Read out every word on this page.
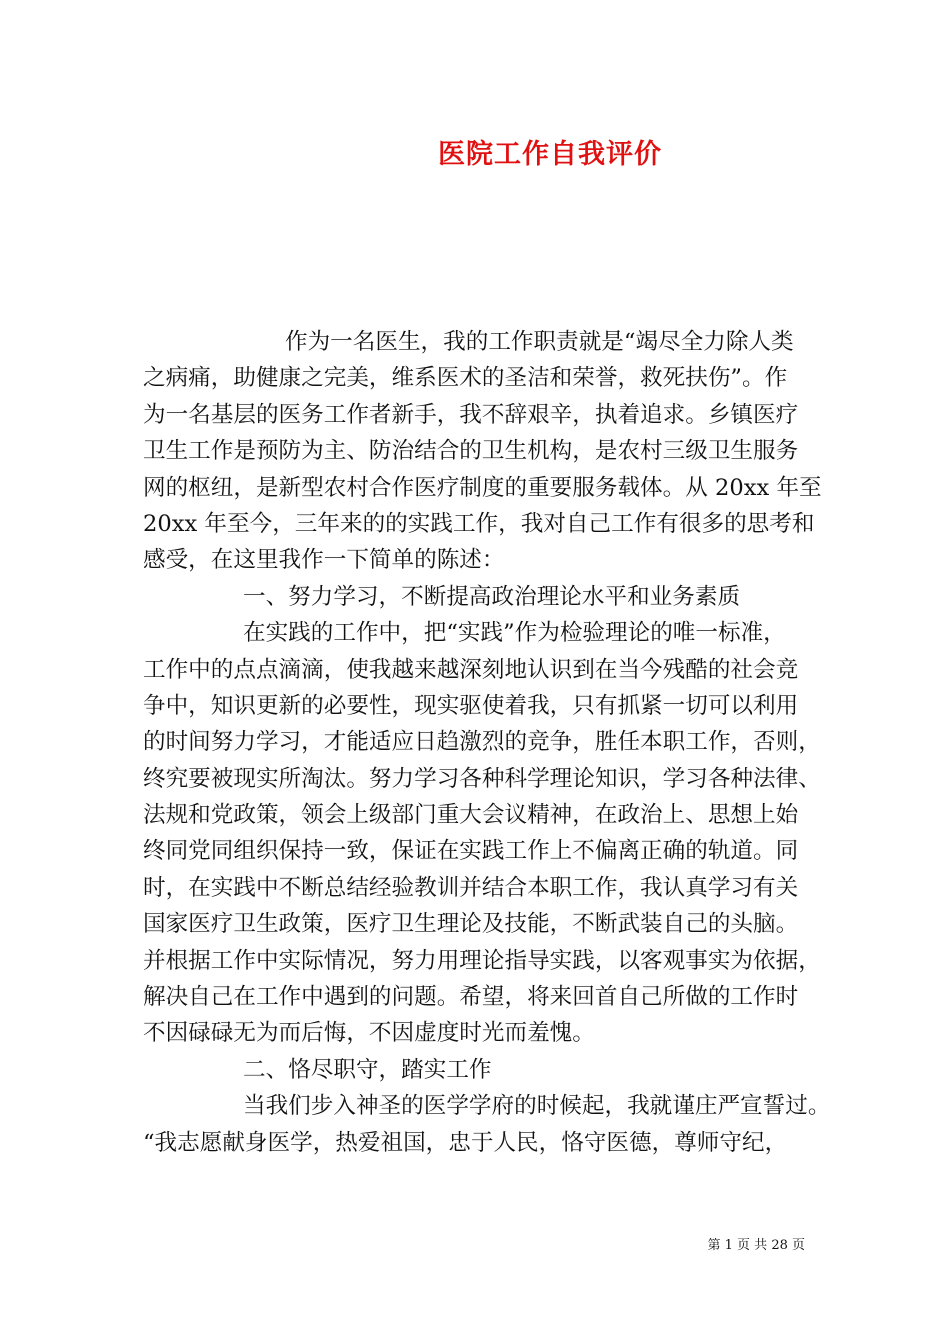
医院工作自我评价
作为一名医生，我的工作职责就是“竭尽全力除人类
之病痛，助健康之完美，维系医术的圣洁和荣誉，救死扶伤”。作
为一名基层的医务工作者新手，我不辞艰辛，执着追求。乡镇医疗
卫生工作是预防为主、防治结合的卫生机构，是农村三级卫生服务
网的枢纽，是新型农村合作医疗制度的重要服务载体。从 20xx 年至
20xx 年至今，三年来的的实践工作，我对自己工作有很多的思考和
感受，在这里我作一下简单的陈述：
一、努力学习，不断提高政治理论水平和业务素质
在实践的工作中，把“实践”作为检验理论的唯一标准，
工作中的点点滴滴，使我越来越深刻地认识到在当今残酷的社会竞
争中，知识更新的必要性，现实驱使着我，只有抓紧一切可以利用
的时间努力学习，才能适应日趋激烈的竞争，胜任本职工作，否则，
终究要被现实所淘汰。努力学习各种科学理论知识，学习各种法律、
法规和党政策，领会上级部门重大会议精神，在政治上、思想上始
终同党同组织保持一致，保证在实践工作上不偏离正确的轨道。同
时，在实践中不断总结经验教训并结合本职工作，我认真学习有关
国家医疗卫生政策，医疗卫生理论及技能，不断武装自己的头脑。
并根据工作中实际情况，努力用理论指导实践，以客观事实为依据，
解决自己在工作中遇到的问题。希望，将来回首自己所做的工作时
不因碌碌无为而后悔，不因虚度时光而羞愧。
二、恪尽职守，踏实工作
当我们步入神圣的医学学府的时候起，我就谨庄严宣誓过。
“我志愿献身医学，热爱祖国，忠于人民，恪守医德，尊师守纪，
第 1 页 共 28 页
